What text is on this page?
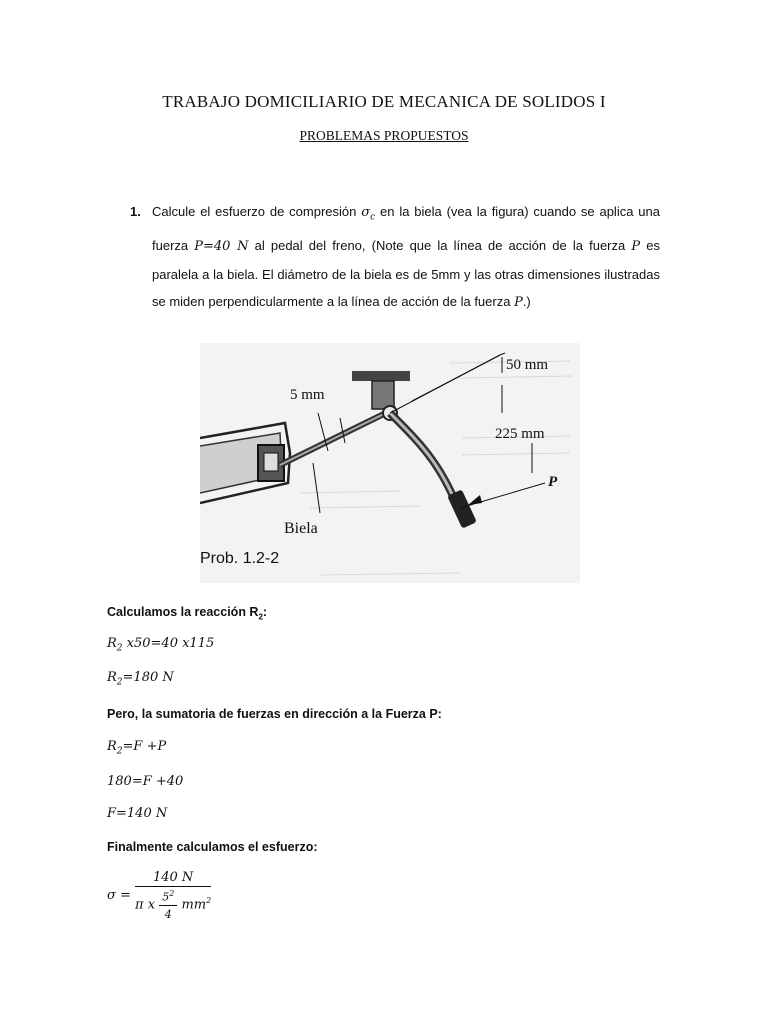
TRABAJO DOMICILIARIO DE MECANICA DE SOLIDOS I
PROBLEMAS PROPUESTOS
1. Calcule el esfuerzo de compresión $\sigma_c$ en la biela (vea la figura) cuando se aplica una fuerza P=40 N al pedal del freno, (Note que la línea de acción de la fuerza P es paralela a la biela. El diámetro de la biela es de 5mm y las otras dimensiones ilustradas se miden perpendicularmente a la línea de acción de la fuerza P.)
50 mm
5 mm
225 mm
P
Biela
Prob. 1.2-2
Calculamos la reacción $R_2$:
$R_2$ x50=40 x115
$R_2=180$ N
Pero, la sumatoria de fuerzas en dirección a la Fuerza P:
$R_2=F +P$
180=F +40
F=140 N
Finalmente calculamos el esfuerzo:
$\sigma = \frac{140 N}{\pi x \frac{5^2}{4} mm^2}$
